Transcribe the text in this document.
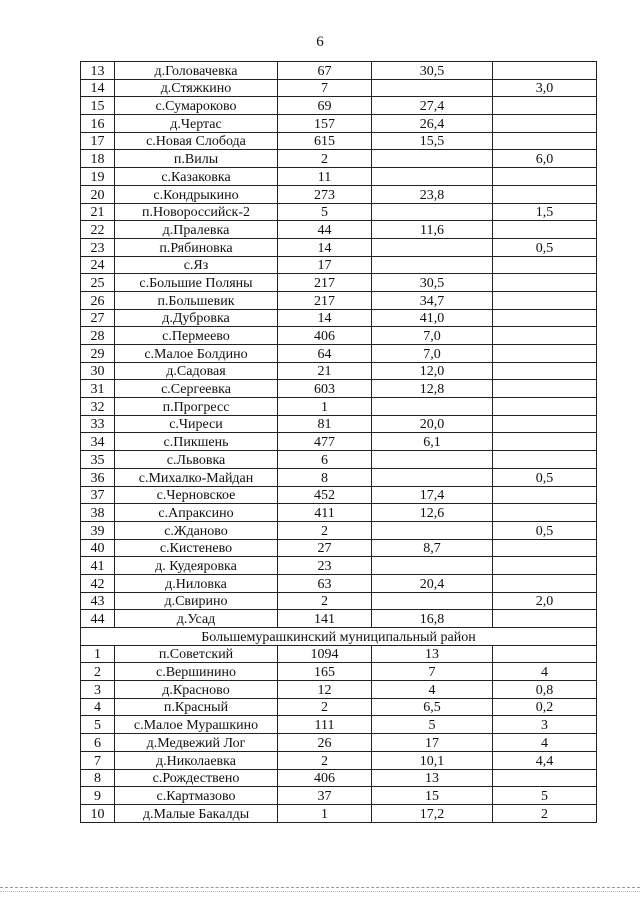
6
13	д.Головачевка	67	30,5	
14	д.Стяжкино	7		3,0
15	с.Сумароково	69	27,4	
16	д.Чертас	157	26,4	
17	с.Новая Слобода	615	15,5	
18	п.Вилы	2		6,0
19	с.Казаковка	11		
20	с.Кондрыкино	273	23,8	
21	п.Новороссийск-2	5		1,5
22	д.Пралевка	44	11,6	
23	п.Рябиновка	14		0,5
24	с.Яз	17		
25	с.Большие Поляны	217	30,5	
26	п.Большевик	217	34,7	
27	д.Дубровка	14	41,0	
28	с.Пермеево	406	7,0	
29	с.Малое Болдино	64	7,0	
30	д.Садовая	21	12,0	
31	с.Сергеевка	603	12,8	
32	п.Прогресс	1		
33	с.Чиреси	81	20,0	
34	с.Пикшень	477	6,1	
35	с.Львовка	6		
36	с.Михалко-Майдан	8		0,5
37	с.Черновское	452	17,4	
38	с.Апраксино	411	12,6	
39	с.Жданово	2		0,5
40	с.Кистенево	27	8,7	
41	д. Кудеяровка	23		
42	д.Ниловка	63	20,4	
43	д.Свирино	2		2,0
44	д.Усад	141	16,8	
Большемурашкинский муниципальный район				
1	п.Советский	1094	13	
2	с.Вершинино	165	7	4
3	д.Красново	12	4	0,8
4	п.Красный	2	6,5	0,2
5	с.Малое Мурашкино	111	5	3
6	д.Медвежий Лог	26	17	4
7	д.Николаевка	2	10,1	4,4
8	с.Рождествено	406	13	
9	с.Картмазово	37	15	5
10	д.Малые Бакалды	1	17,2	2
